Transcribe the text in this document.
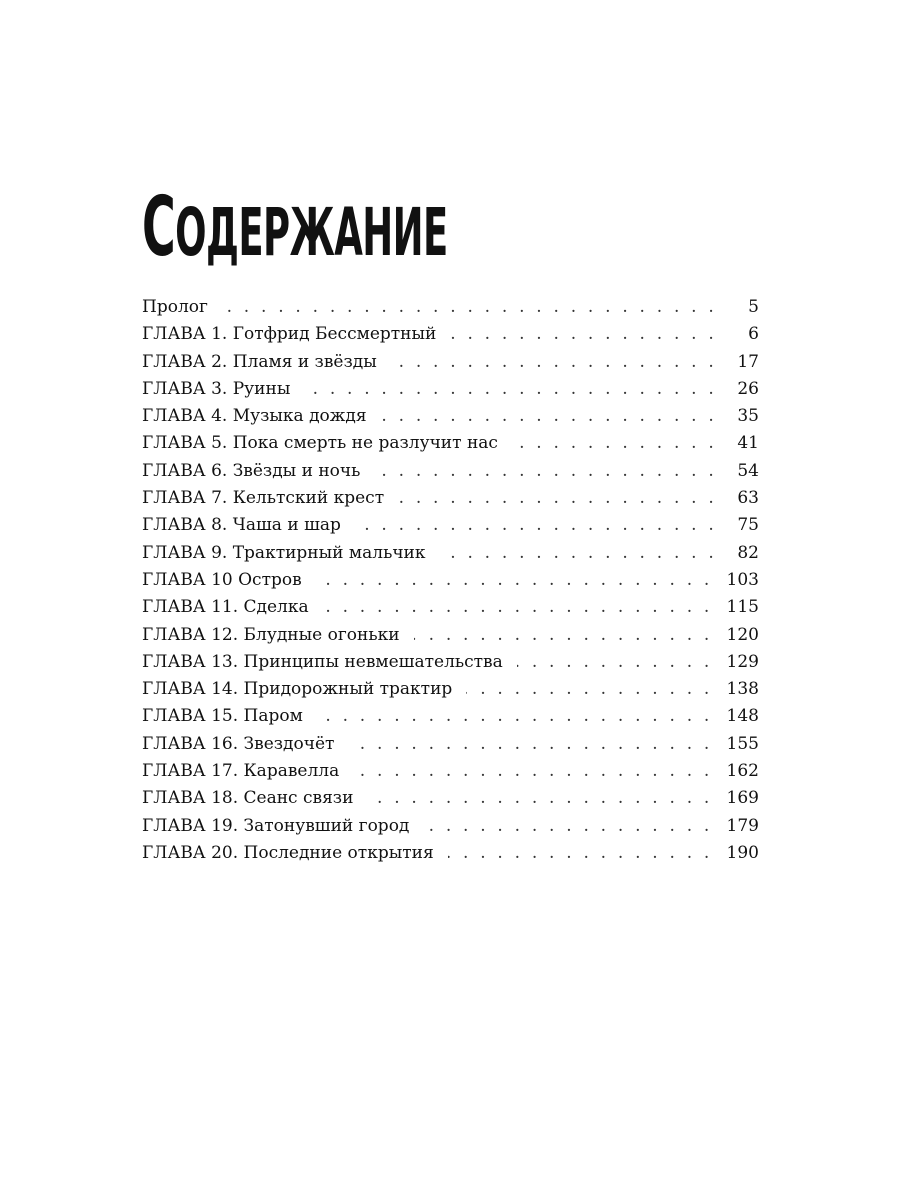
СОДЕРЖАНИЕ
Пролог . . .	5
ГЛАВА 1. Готфрид Бессмертный . . .	6
ГЛАВА 2. Пламя и звёзды . . .	17
ГЛАВА 3. Руины . . .	26
ГЛАВА 4. Музыка дождя . . .	35
ГЛАВА 5. Пока смерть не разлучит нас . . .	41
ГЛАВА 6. Звёзды и ночь . . .	54
ГЛАВА 7. Кельтский крест . . .	63
ГЛАВА 8. Чаша и шар . . .	75
ГЛАВА 9. Трактирный мальчик . . .	82
ГЛАВА 10 Остров . . .	103
ГЛАВА 11. Сделка . . .	115
ГЛАВА 12. Блудные огоньки . . .	120
ГЛАВА 13. Принципы невмешательства . . .	129
ГЛАВА 14. Придорожный трактир . . .	138
ГЛАВА 15. Паром . . .	148
ГЛАВА 16. Звездочёт . . .	155
ГЛАВА 17. Каравелла . . .	162
ГЛАВА 18. Сеанс связи . . .	169
ГЛАВА 19. Затонувший город . . .	179
ГЛАВА 20. Последние открытия . . .	190
